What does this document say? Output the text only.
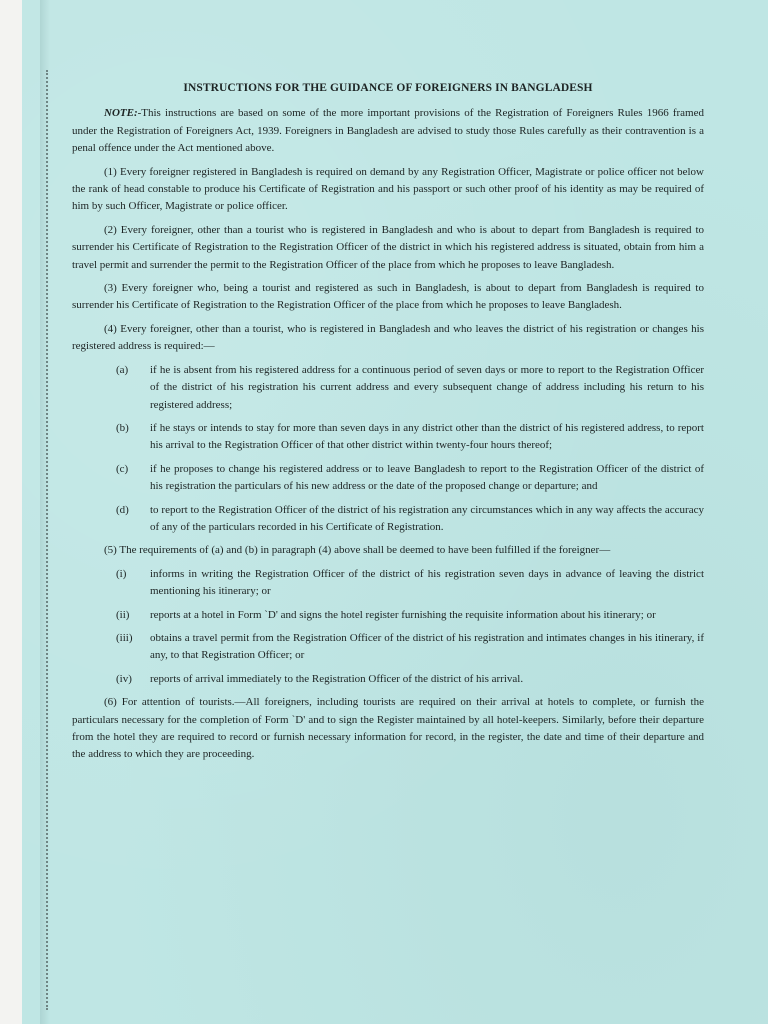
INSTRUCTIONS FOR THE GUIDANCE OF FOREIGNERS IN BANGLADESH

NOTE:-This instructions are based on some of the more important provisions of the Registration of Foreigners Rules 1966 framed under the Registration of Foreigners Act, 1939. Foreigners in Bangladesh are advised to study those Rules carefully as their contravention is a penal offence under the Act mentioned above.

(1) Every foreigner registered in Bangladesh is required on demand by any Registration Officer, Magistrate or police officer not below the rank of head constable to produce his Certificate of Registration and his passport or such other proof of his identity as may be required of him by such Officer, Magistrate or police officer.

(2) Every foreigner, other than a tourist who is registered in Bangladesh and who is about to depart from Bangladesh is required to surrender his Certificate of Registration to the Registration Officer of the district in which his registered address is situated, obtain from him a travel permit and surrender the permit to the Registration Officer of the place from which he proposes to leave Bangladesh.

(3) Every foreigner who, being a tourist and registered as such in Bangladesh, is about to depart from Bangladesh is required to surrender his Certificate of Registration to the Registration Officer of the place from which he proposes to leave Bangladesh.

(4) Every foreigner, other than a tourist, who is registered in Bangladesh and who leaves the district of his registration or changes his registered address is required:—

(a)	if he is absent from his registered address for a continuous period of seven days or more to report to the Registration Officer of the district of his registration his current address and every subsequent change of address including his return to his registered address;
(b)	if he stays or intends to stay for more than seven days in any district other than the district of his registered address, to report his arrival to the Registration Officer of that other district within twenty-four hours thereof;
(c)	if he proposes to change his registered address or to leave Bangladesh to report to the Registration Officer of the district of his registration the particulars of his new address or the date of the proposed change or departure; and
(d)	to report to the Registration Officer of the district of his registration any circumstances which in any way affects the accuracy of any of the particulars recorded in his Certificate of Registration.

(5) The requirements of (a) and (b) in paragraph (4) above shall be deemed to have been fulfilled if the foreigner—

(i)	informs in writing the Registration Officer of the district of his registration seven days in advance of leaving the district mentioning his itinerary; or
(ii)	reports at a hotel in Form `D' and signs the hotel register furnishing the requisite information about his itinerary; or
(iii)	obtains a travel permit from the Registration Officer of the district of his registration and intimates changes in his itinerary, if any, to that Registration Officer; or
(iv)	reports of arrival immediately to the Registration Officer of the district of his arrival.

(6) For attention of tourists.—All foreigners, including tourists are required on their arrival at hotels to complete, or furnish the particulars necessary for the completion of Form `D' and to sign the Register maintained by all hotel-keepers. Similarly, before their departure from the hotel they are required to record or furnish necessary information for record, in the register, the date and time of their departure and the address to which they are proceeding.
